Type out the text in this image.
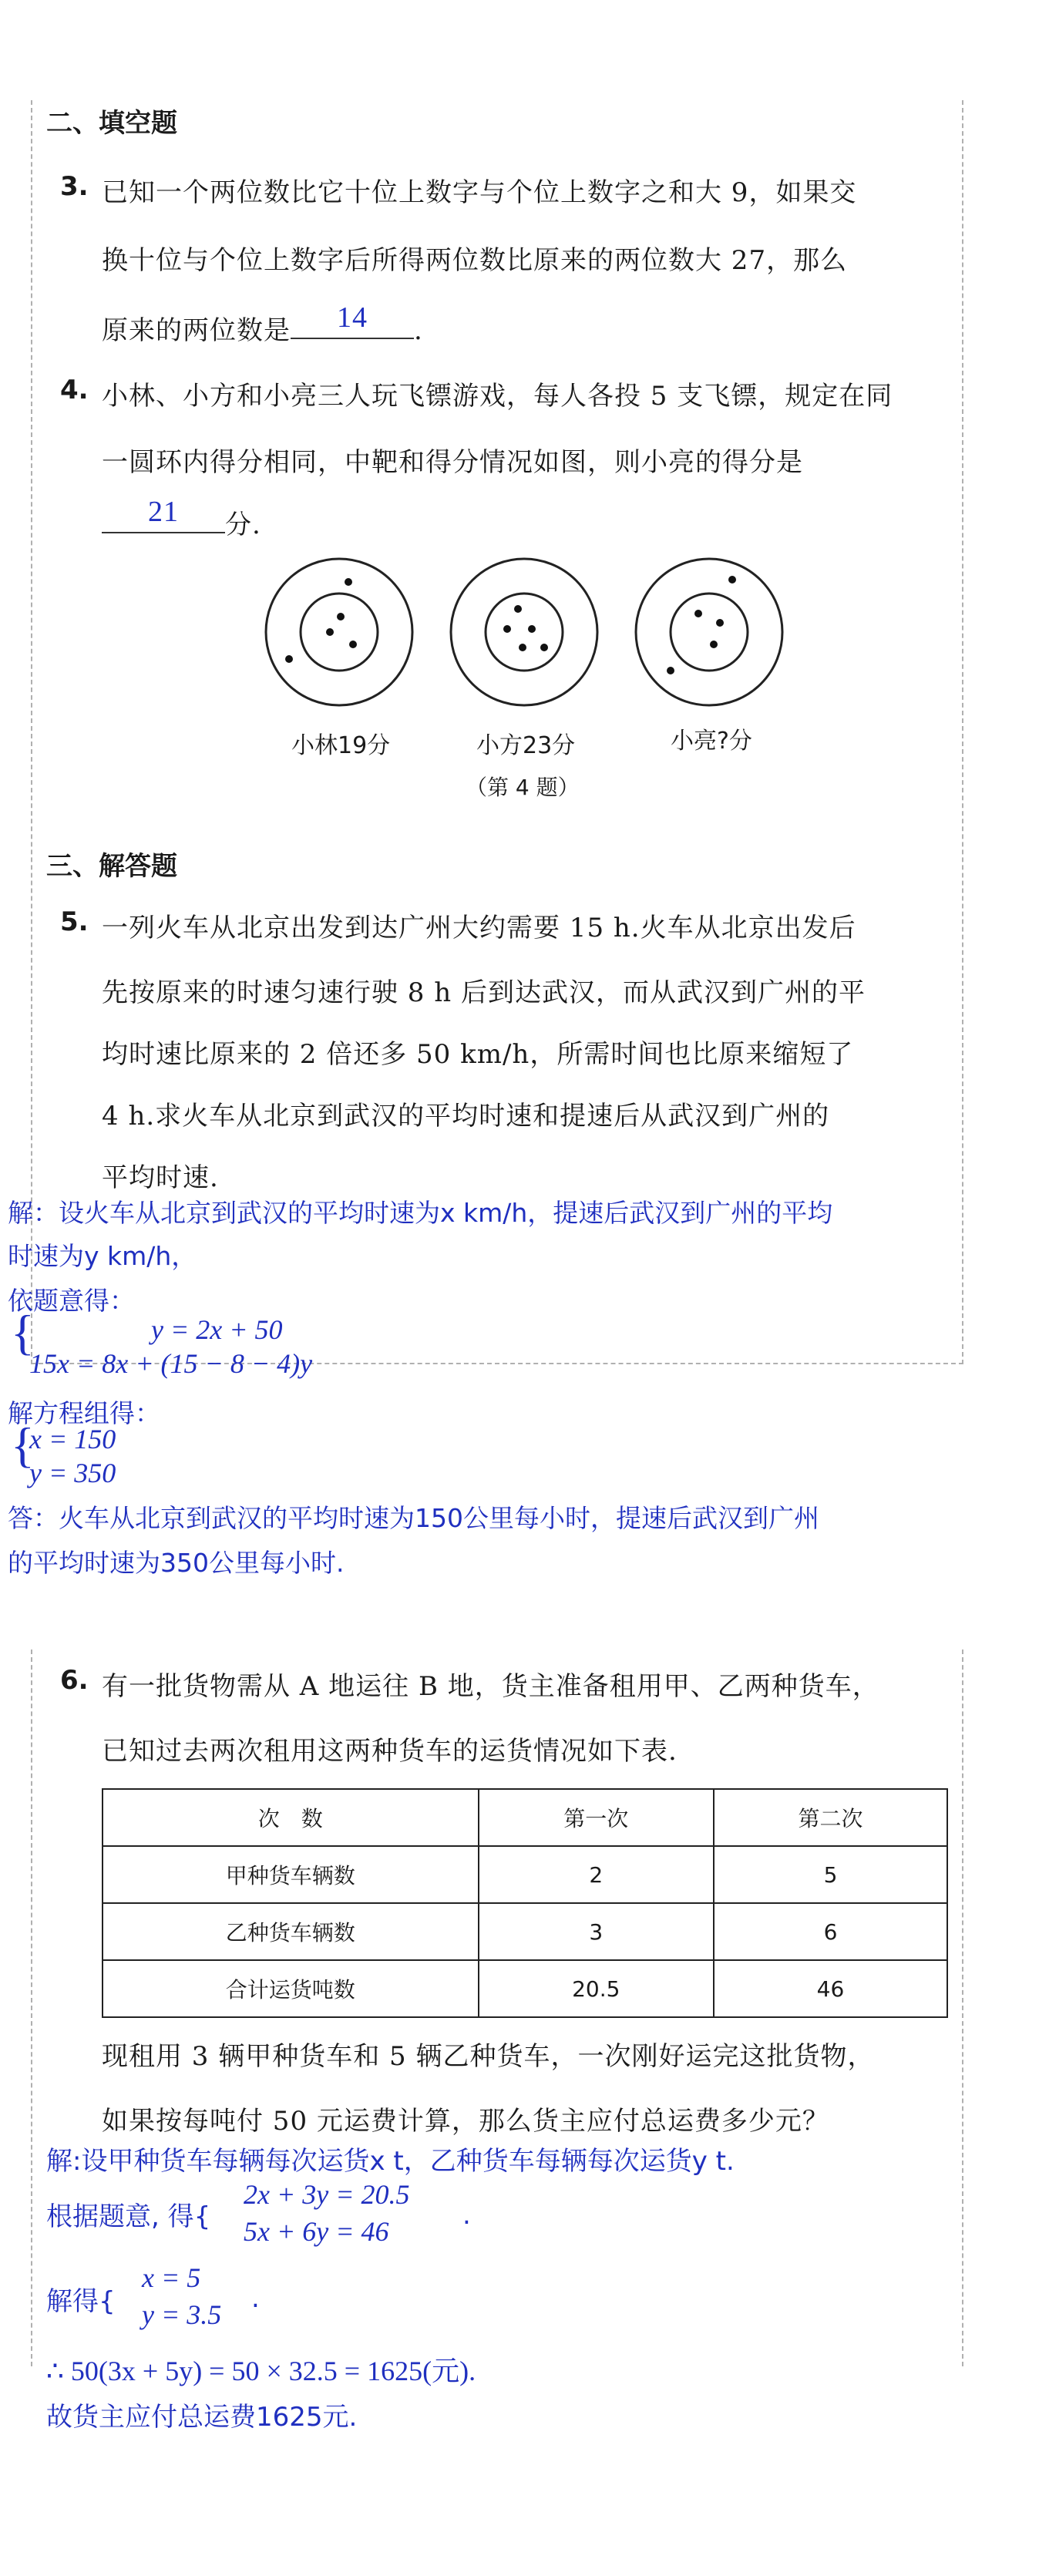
二、填空题
3. 已知一个两位数比它十位上数字与个位上数字之和大 9，如果交
换十位与个位上数字后所得两位数比原来的两位数大 27，那么
原来的两位数是	14	.
4. 小林、小方和小亮三人玩飞镖游戏，每人各投 5 支飞镖，规定在同
一圆环内得分相同，中靶和得分情况如图，则小亮的得分是
21	分.
小林19分	小方23分	小亮?分
（第 4 题）
三、解答题
5. 一列火车从北京出发到达广州大约需要 15 h.火车从北京出发后
先按原来的时速匀速行驶 8 h 后到达武汉，而从武汉到广州的平
均时速比原来的 2 倍还多 50 km/h，所需时间也比原来缩短了
4 h.求火车从北京到武汉的平均时速和提速后从武汉到广州的
平均时速.
解：设火车从北京到武汉的平均时速为x km/h，提速后武汉到广州的平均
时速为y km/h，
依题意得：
{	y = 2x + 50
15x = 8x + (15 − 8 − 4)y
解方程组得：
{
x = 150
y = 350
答：火车从北京到武汉的平均时速为150公里每小时，提速后武汉到广州
的平均时速为350公里每小时.
6. 有一批货物需从 A 地运往 B 地，货主准备租用甲、乙两种货车，
已知过去两次租用这两种货车的运货情况如下表.
次　数	第一次	第二次
甲种货车辆数	2	5
乙种货车辆数	3	6
合计运货吨数	20.5	46
现租用 3 辆甲种货车和 5 辆乙种货车，一次刚好运完这批货物，
如果按每吨付 50 元运费计算，那么货主应付总运费多少元？
解:设甲种货车每辆每次运货x t，乙种货车每辆每次运货y t.
根据题意, 得{
2x + 3y = 20.5
5x + 6y = 46
.
解得{
x = 5
y = 3.5
.
∴ 50(3x + 5y) = 50 × 32.5 = 1625(元).
故货主应付总运费1625元.
